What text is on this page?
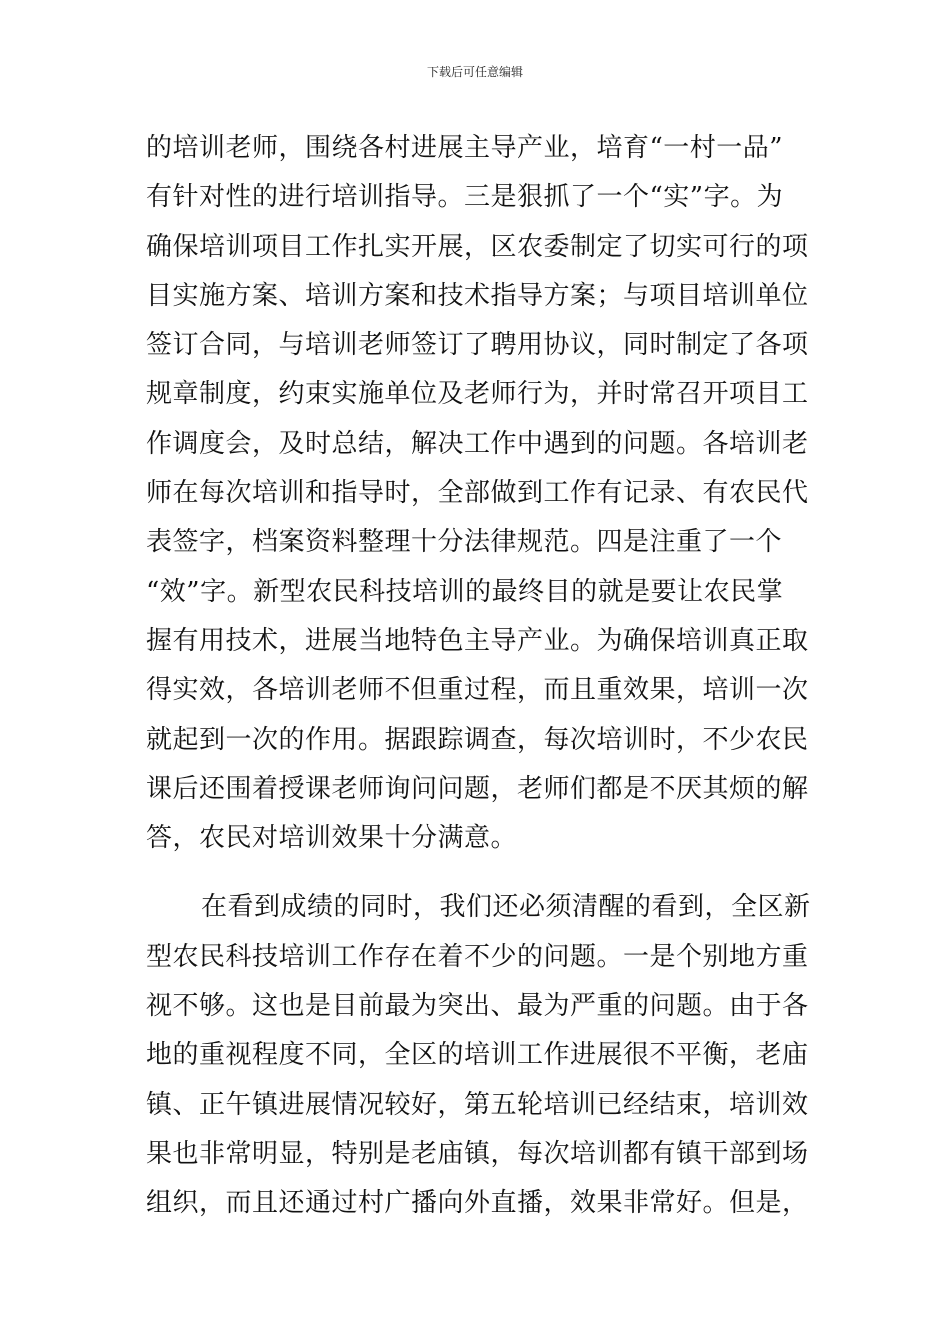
下载后可任意编辑
的培训老师，围绕各村进展主导产业，培育“一村一品”
有针对性的进行培训指导。三是狠抓了一个“实”字。为
确保培训项目工作扎实开展，区农委制定了切实可行的项
目实施方案、培训方案和技术指导方案；与项目培训单位
签订合同，与培训老师签订了聘用协议，同时制定了各项
规章制度，约束实施单位及老师行为，并时常召开项目工
作调度会，及时总结，解决工作中遇到的问题。各培训老
师在每次培训和指导时，全部做到工作有记录、有农民代
表签字，档案资料整理十分法律规范。四是注重了一个
“效”字。新型农民科技培训的最终目的就是要让农民掌
握有用技术，进展当地特色主导产业。为确保培训真正取
得实效，各培训老师不但重过程，而且重效果，培训一次
就起到一次的作用。据跟踪调查，每次培训时，不少农民
课后还围着授课老师询问问题，老师们都是不厌其烦的解
答，农民对培训效果十分满意。
在看到成绩的同时，我们还必须清醒的看到，全区新
型农民科技培训工作存在着不少的问题。一是个别地方重
视不够。这也是目前最为突出、最为严重的问题。由于各
地的重视程度不同，全区的培训工作进展很不平衡，老庙
镇、正午镇进展情况较好，第五轮培训已经结束，培训效
果也非常明显，特别是老庙镇，每次培训都有镇干部到场
组织，而且还通过村广播向外直播，效果非常好。但是，
